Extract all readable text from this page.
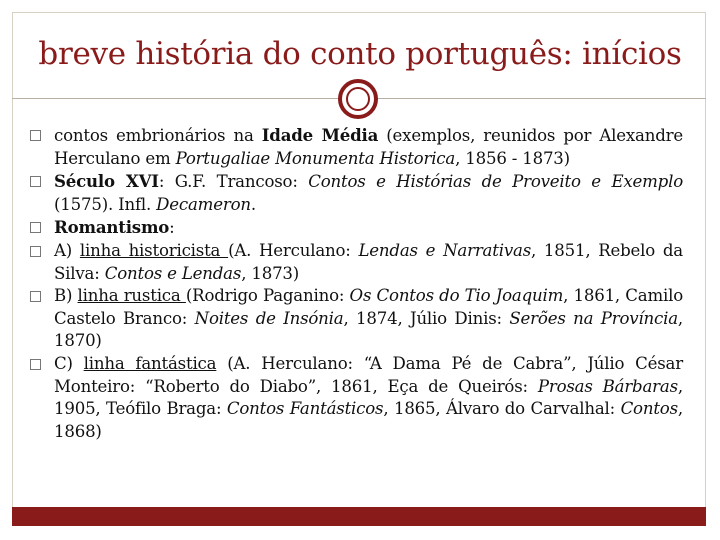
breve história do conto português: inícios
contos embrionários na Idade Média (exemplos, reunidos por Alexandre Herculano em Portugaliae Monumenta Historica, 1856 - 1873)
Século XVI: G.F. Trancoso: Contos e Histórias de Proveito e Exemplo (1575). Infl. Decameron.
Romantismo:
A) linha historicista (A. Herculano: Lendas e Narrativas, 1851, Rebelo da Silva: Contos e Lendas, 1873)
B) linha rustica (Rodrigo Paganino: Os Contos do Tio Joaquim, 1861, Camilo Castelo Branco: Noites de Insónia, 1874, Júlio Dinis: Serões na Província, 1870)
C) linha fantástica (A. Herculano: “A Dama Pé de Cabra”, Júlio César Monteiro: “Roberto do Diabo”, 1861, Eça de Queirós: Prosas Bárbaras, 1905, Teófilo Braga: Contos Fantásticos, 1865, Álvaro do Carvalhal: Contos, 1868)
